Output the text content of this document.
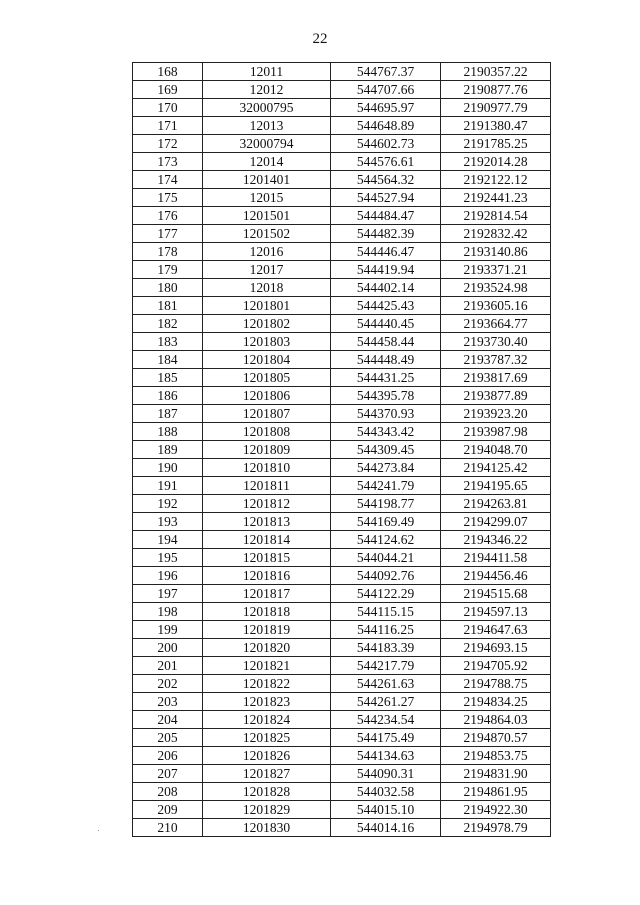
22
168	12011	544767.37	2190357.22
169	12012	544707.66	2190877.76
170	32000795	544695.97	2190977.79
171	12013	544648.89	2191380.47
172	32000794	544602.73	2191785.25
173	12014	544576.61	2192014.28
174	1201401	544564.32	2192122.12
175	12015	544527.94	2192441.23
176	1201501	544484.47	2192814.54
177	1201502	544482.39	2192832.42
178	12016	544446.47	2193140.86
179	12017	544419.94	2193371.21
180	12018	544402.14	2193524.98
181	1201801	544425.43	2193605.16
182	1201802	544440.45	2193664.77
183	1201803	544458.44	2193730.40
184	1201804	544448.49	2193787.32
185	1201805	544431.25	2193817.69
186	1201806	544395.78	2193877.89
187	1201807	544370.93	2193923.20
188	1201808	544343.42	2193987.98
189	1201809	544309.45	2194048.70
190	1201810	544273.84	2194125.42
191	1201811	544241.79	2194195.65
192	1201812	544198.77	2194263.81
193	1201813	544169.49	2194299.07
194	1201814	544124.62	2194346.22
195	1201815	544044.21	2194411.58
196	1201816	544092.76	2194456.46
197	1201817	544122.29	2194515.68
198	1201818	544115.15	2194597.13
199	1201819	544116.25	2194647.63
200	1201820	544183.39	2194693.15
201	1201821	544217.79	2194705.92
202	1201822	544261.63	2194788.75
203	1201823	544261.27	2194834.25
204	1201824	544234.54	2194864.03
205	1201825	544175.49	2194870.57
206	1201826	544134.63	2194853.75
207	1201827	544090.31	2194831.90
208	1201828	544032.58	2194861.95
209	1201829	544015.10	2194922.30
210	1201830	544014.16	2194978.79
